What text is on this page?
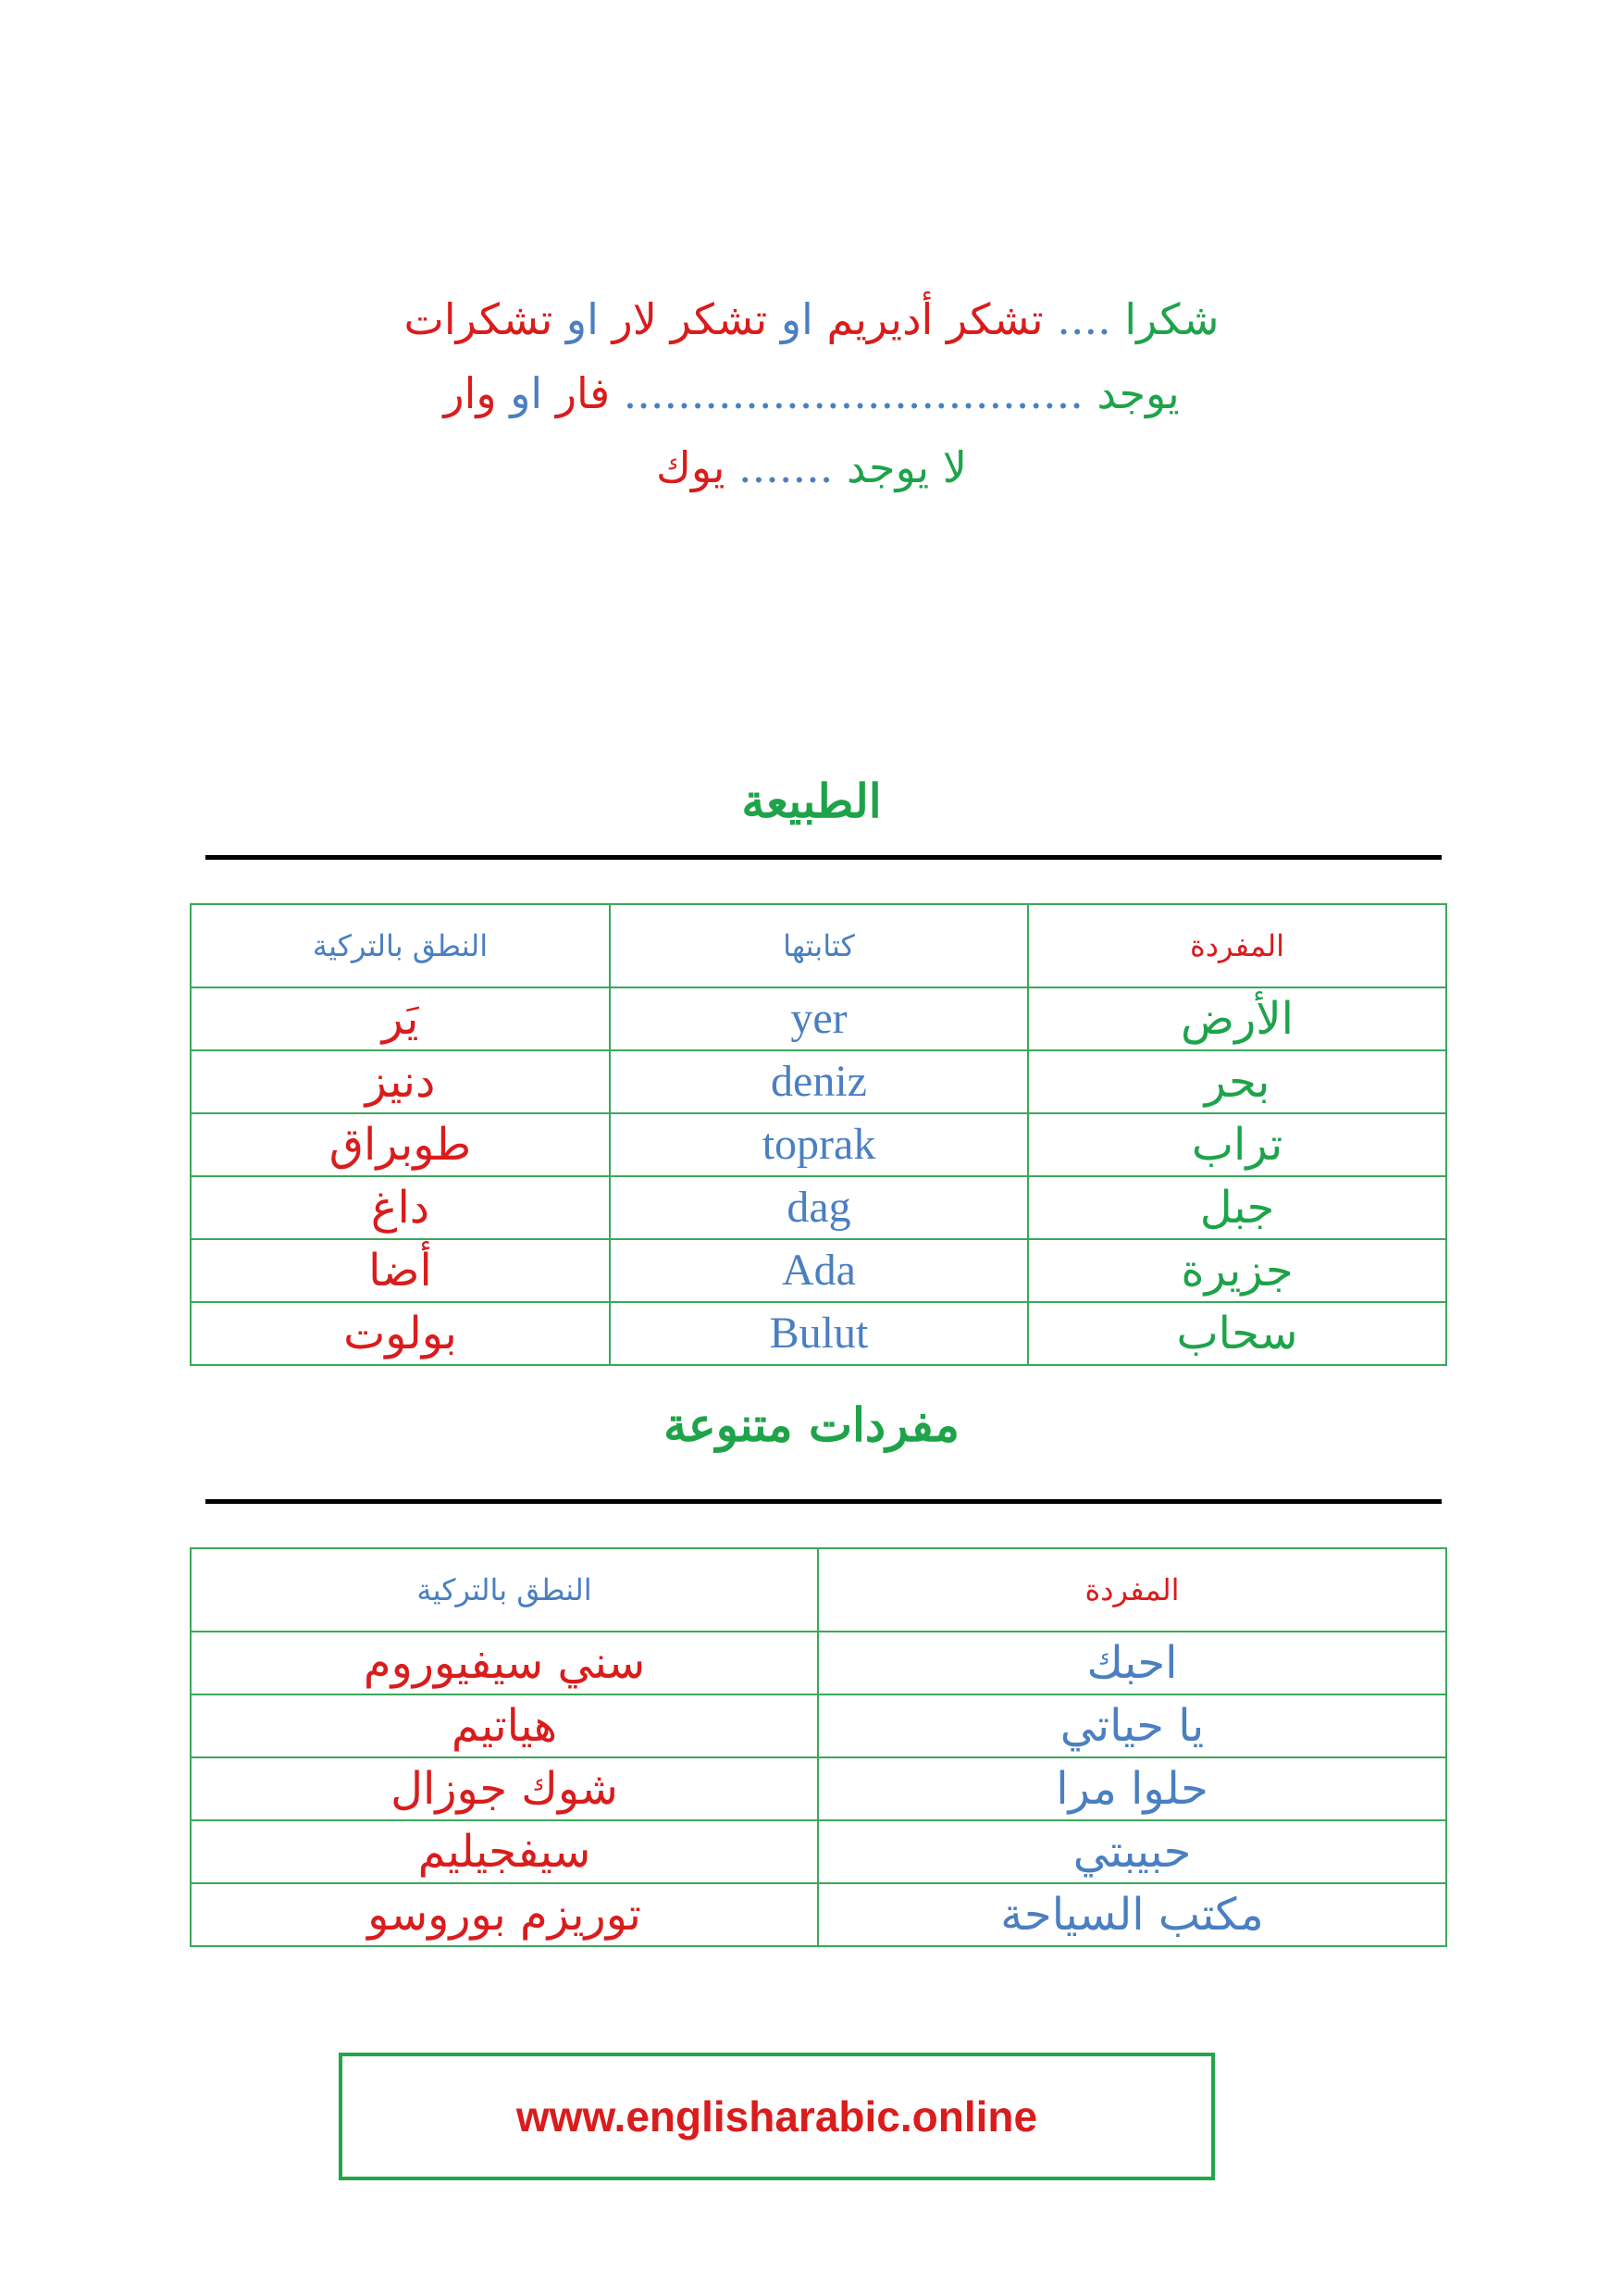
شكرا .... تشكر أديريم او تشكر لار او تشكرات
يوجد .................................. فار او وار
لا يوجد ....... يوك
الطبيعة
المفردة	كتابتها	النطق بالتركية
الأرض	yer	يَر
بحر	deniz	دنيز
تراب	toprak	طوبراق
جبل	dag	داغ
جزيرة	Ada	أضا
سحاب	Bulut	بولوت
مفردات متنوعة
المفردة	النطق بالتركية
احبك	سني سيفيوروم
يا حياتي	هياتيم
حلوا مرا	شوك جوزال
حبيبتي	سيفجيليم
مكتب السياحة	توريزم بوروسو
www.englisharabic.online
